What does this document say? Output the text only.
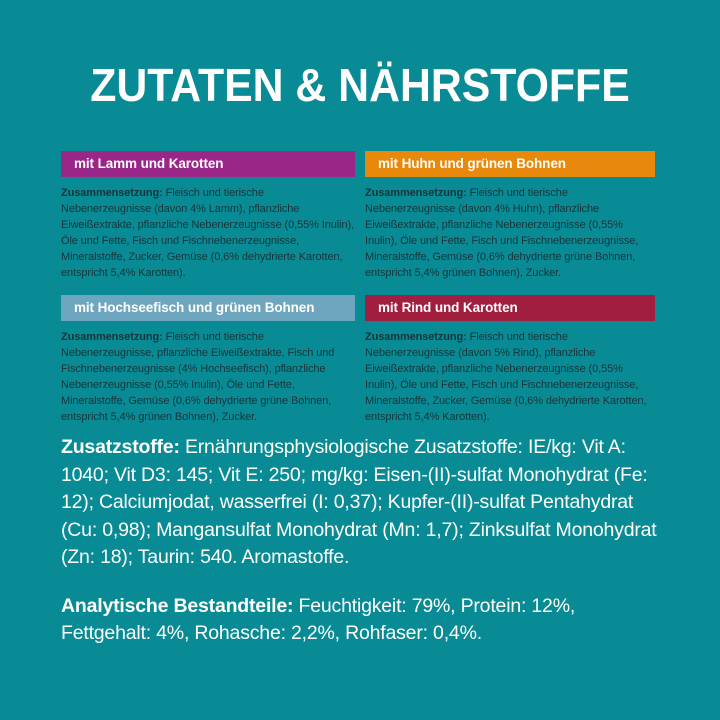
ZUTATEN & NÄHRSTOFFE
mit Lamm und Karotten
Zusammensetzung: Fleisch und tierische Nebenerzeugnisse (davon 4% Lamm), pflanzliche Eiweißextrakte, pflanzliche Nebenerzeugnisse (0,55% Inulin), Öle und Fette, Fisch und Fischnebenerzeugnisse, Mineralstoffe, Zucker, Gemüse (0,6% dehydrierte Karotten, entspricht 5,4% Karotten).
mit Huhn und grünen Bohnen
Zusammensetzung: Fleisch und tierische Nebenerzeugnisse (davon 4% Huhn), pflanzliche Eiweißextrakte, pflanzliche Nebenerzeugnisse (0,55% Inulin), Öle und Fette, Fisch und Fischnebenerzeugnisse, Mineralstoffe, Gemüse (0,6% dehydrierte grüne Bohnen, entspricht 5,4% grünen Bohnen), Zucker.
mit Hochseefisch und grünen Bohnen
Zusammensetzung: Fleisch und tierische Nebenerzeugnisse, pflanzliche Eiweißextrakte, Fisch und Fischnebenerzeugnisse (4% Hochseefisch), pflanzliche Nebenerzeugnisse (0,55% Inulin), Öle und Fette, Mineralstoffe, Gemüse (0,6% dehydrierte grüne Bohnen, entspricht 5,4% grünen Bohnen), Zucker.
mit Rind und Karotten
Zusammensetzung: Fleisch und tierische Nebenerzeugnisse (davon 5% Rind), pflanzliche Eiweißextrakte, pflanzliche Nebenerzeugnisse (0,55% Inulin), Öle und Fette, Fisch und Fischnebenerzeugnisse, Mineralstoffe, Zucker, Gemüse (0,6% dehydrierte Karotten, entspricht 5,4% Karotten).

Zusatzstoffe: Ernährungsphysiologische Zusatzstoffe: IE/kg: Vit A: 1040; Vit D3: 145; Vit E: 250; mg/kg: Eisen-(II)-sulfat Monohydrat (Fe: 12); Calciumjodat, wasserfrei (I: 0,37); Kupfer-(II)-sulfat Pentahydrat (Cu: 0,98); Mangansulfat Monohydrat (Mn: 1,7); Zinksulfat Monohydrat (Zn: 18); Taurin: 540. Aromastoffe.

Analytische Bestandteile: Feuchtigkeit: 79%, Protein: 12%, Fettgehalt: 4%, Rohasche: 2,2%, Rohfaser: 0,4%.
